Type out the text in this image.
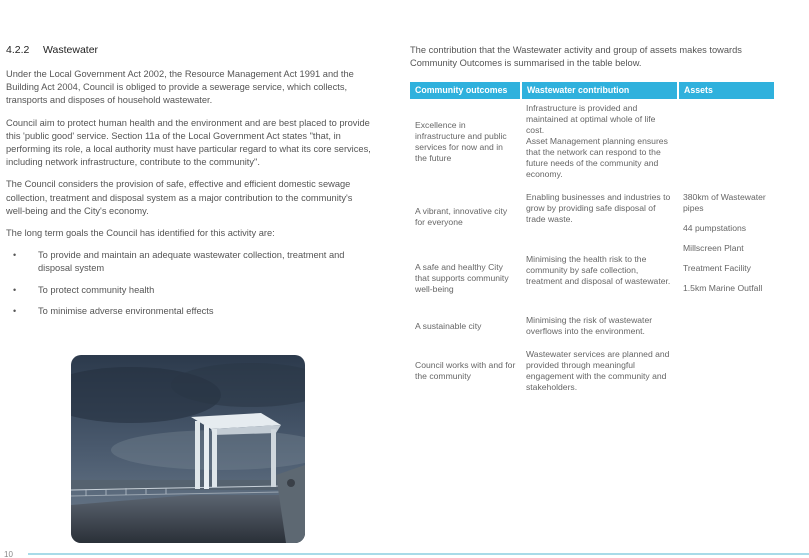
4.2.2	Wastewater

Under the Local Government Act 2002, the Resource Management Act 1991 and the Building Act 2004, Council is obliged to provide a sewerage service, which collects, transports and disposes of household wastewater.

Council aim to protect human health and the environment and are best placed to provide this 'public good' service. Section 11a of the Local Government Act states "that, in performing its role, a local authority must have particular regard to what its core services, including network infrastructure, contribute to the community".

The Council considers the provision of safe, effective and efficient domestic sewage collection, treatment and disposal system as a major contribution to the community's well-being and the City's economy.

The long term goals the Council has identified for this activity are:

• To provide and maintain an adequate wastewater collection, treatment and disposal system
• To protect community health
• To minimise adverse environmental effects

The contribution that the Wastewater activity and group of assets makes towards Community Outcomes is summarised in the table below.

Community outcomes	Wastewater contribution	Assets
Excellence in infrastructure and public services for now and in the future	Infrastructure is provided and maintained at optimal whole of life cost.
Asset Management planning ensures that the network can respond to the future needs of the community and economy.	
A vibrant, innovative city for everyone	Enabling businesses and industries to grow by providing safe disposal of trade waste.	380km of Wastewater pipes
44 pumpstations
Millscreen Plant
Treatment Facility
1.5km Marine Outfall

A safe and healthy City that supports community well-being	Minimising the health risk to the community by safe collection, treatment and disposal of wastewater.	
A sustainable city	Minimising the risk of wastewater overflows into the environment.	
Council works with and for the community	Wastewater services are planned and provided through meaningful engagement with the community and stakeholders.	
10
